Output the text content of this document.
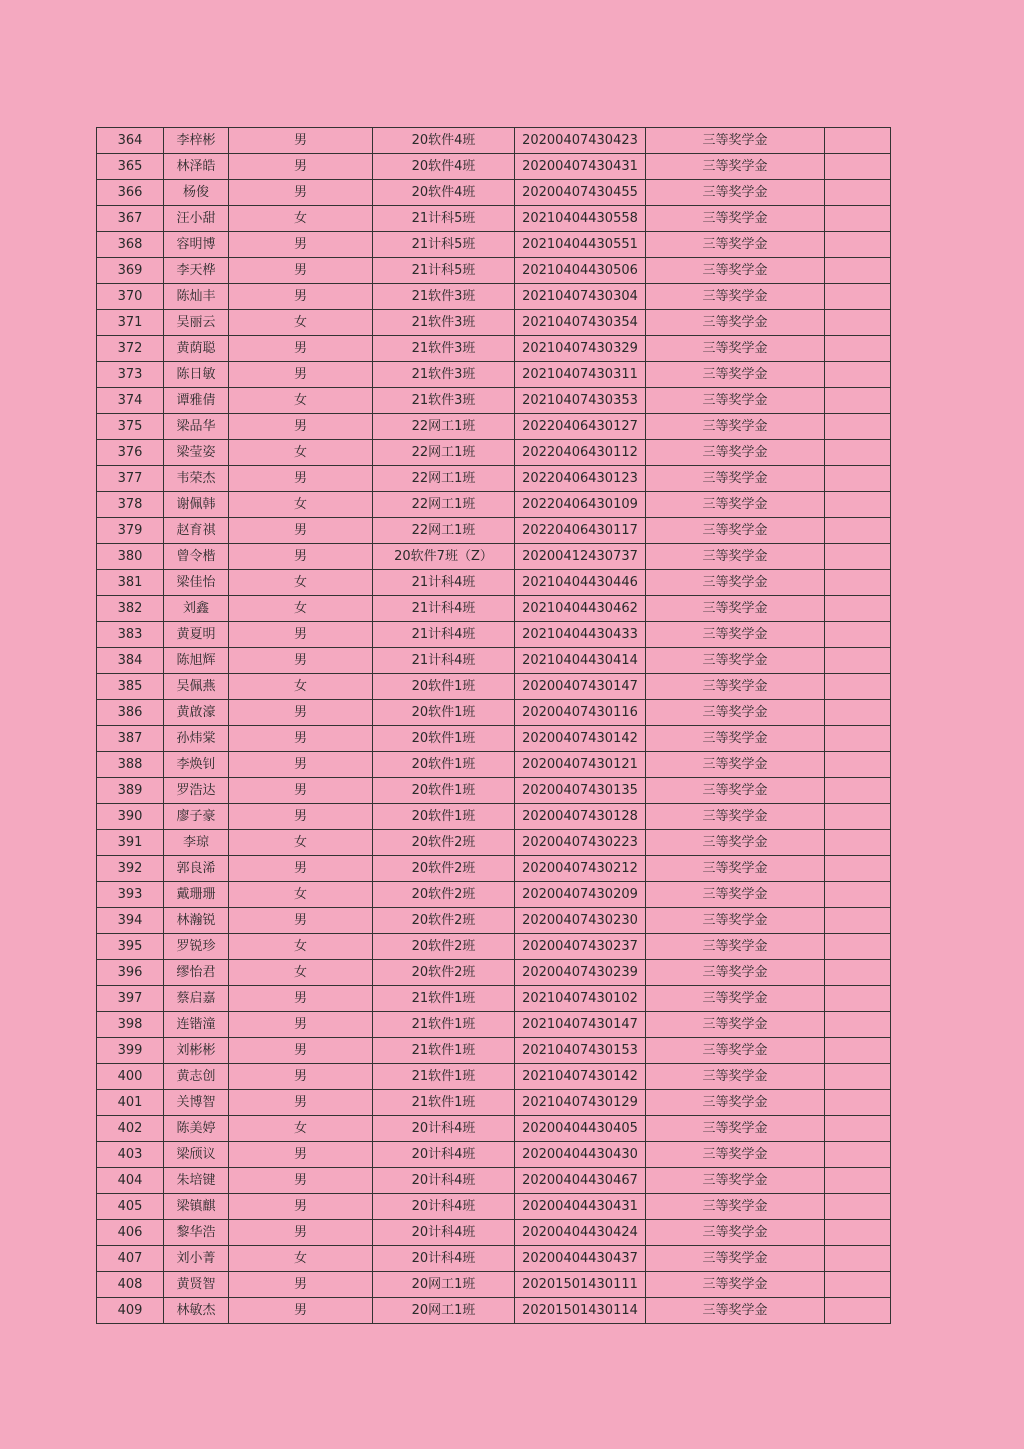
364	李梓彬	男	20软件4班	20200407430423	三等奖学金	
365	林泽皓	男	20软件4班	20200407430431	三等奖学金	
366	杨俊	男	20软件4班	20200407430455	三等奖学金	
367	汪小甜	女	21计科5班	20210404430558	三等奖学金	
368	容明博	男	21计科5班	20210404430551	三等奖学金	
369	李天桦	男	21计科5班	20210404430506	三等奖学金	
370	陈灿丰	男	21软件3班	20210407430304	三等奖学金	
371	吴丽云	女	21软件3班	20210407430354	三等奖学金	
372	黄荫聪	男	21软件3班	20210407430329	三等奖学金	
373	陈日敏	男	21软件3班	20210407430311	三等奖学金	
374	谭雅倩	女	21软件3班	20210407430353	三等奖学金	
375	梁品华	男	22网工1班	20220406430127	三等奖学金	
376	梁莹姿	女	22网工1班	20220406430112	三等奖学金	
377	韦荣杰	男	22网工1班	20220406430123	三等奖学金	
378	谢佩韩	女	22网工1班	20220406430109	三等奖学金	
379	赵育祺	男	22网工1班	20220406430117	三等奖学金	
380	曾令楷	男	20软件7班（Z）	20200412430737	三等奖学金	
381	梁佳怡	女	21计科4班	20210404430446	三等奖学金	
382	刘鑫	女	21计科4班	20210404430462	三等奖学金	
383	黄夏明	男	21计科4班	20210404430433	三等奖学金	
384	陈旭辉	男	21计科4班	20210404430414	三等奖学金	
385	吴佩燕	女	20软件1班	20200407430147	三等奖学金	
386	黄啟濠	男	20软件1班	20200407430116	三等奖学金	
387	孙炜棠	男	20软件1班	20200407430142	三等奖学金	
388	李焕钊	男	20软件1班	20200407430121	三等奖学金	
389	罗浩达	男	20软件1班	20200407430135	三等奖学金	
390	廖子豪	男	20软件1班	20200407430128	三等奖学金	
391	李琼	女	20软件2班	20200407430223	三等奖学金	
392	郭良浠	男	20软件2班	20200407430212	三等奖学金	
393	戴珊珊	女	20软件2班	20200407430209	三等奖学金	
394	林瀚锐	男	20软件2班	20200407430230	三等奖学金	
395	罗锐珍	女	20软件2班	20200407430237	三等奖学金	
396	缪怡君	女	20软件2班	20200407430239	三等奖学金	
397	蔡启嘉	男	21软件1班	20210407430102	三等奖学金	
398	连锴潼	男	21软件1班	20210407430147	三等奖学金	
399	刘彬彬	男	21软件1班	20210407430153	三等奖学金	
400	黄志创	男	21软件1班	20210407430142	三等奖学金	
401	关博智	男	21软件1班	20210407430129	三等奖学金	
402	陈美婷	女	20计科4班	20200404430405	三等奖学金	
403	梁颀议	男	20计科4班	20200404430430	三等奖学金	
404	朱培键	男	20计科4班	20200404430467	三等奖学金	
405	梁镇麒	男	20计科4班	20200404430431	三等奖学金	
406	黎华浩	男	20计科4班	20200404430424	三等奖学金	
407	刘小菁	女	20计科4班	20200404430437	三等奖学金	
408	黄贤智	男	20网工1班	20201501430111	三等奖学金	
409	林敏杰	男	20网工1班	20201501430114	三等奖学金	
